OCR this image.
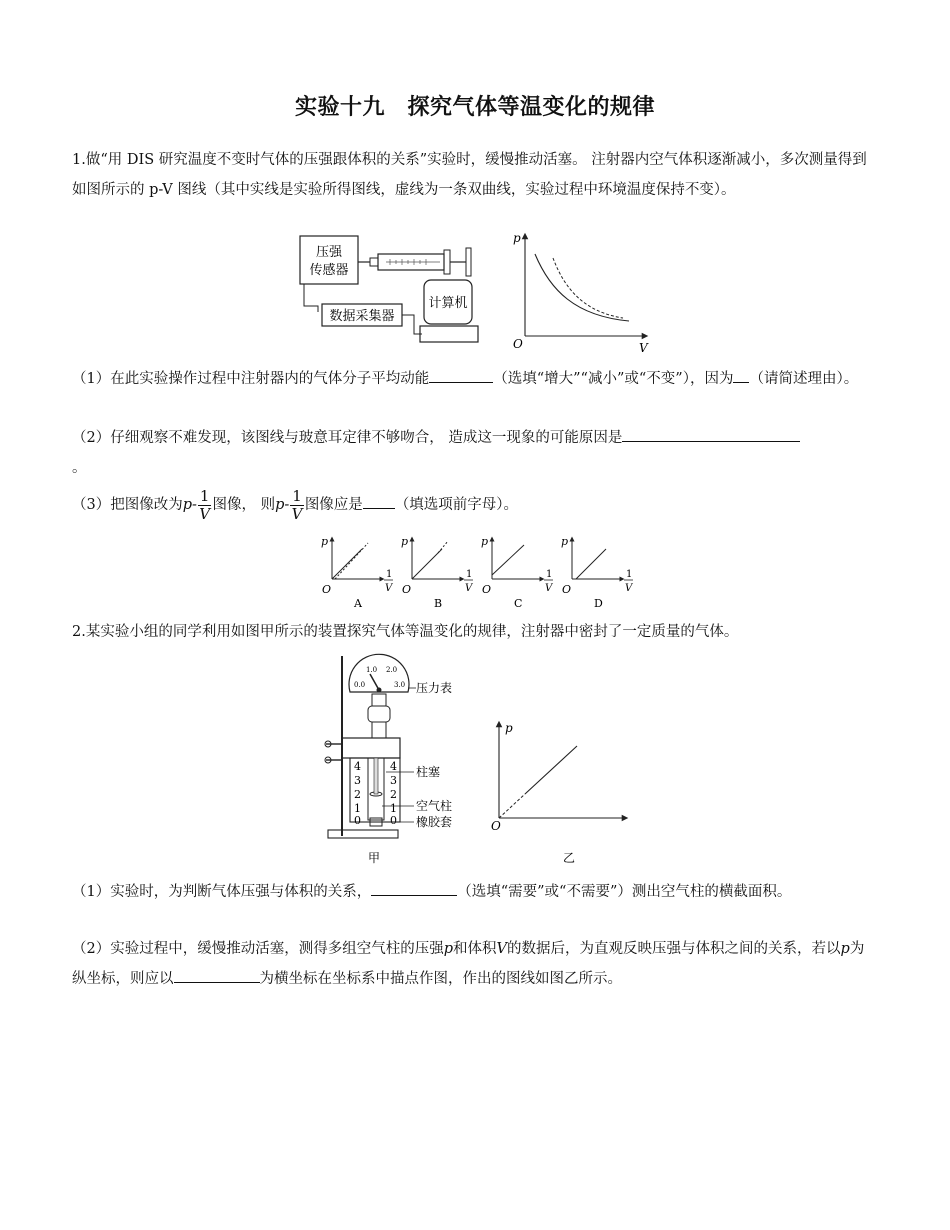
实验十九　探究气体等温变化的规律
1.做“用 DIS 研究温度不变时气体的压强跟体积的关系”实验时，缓慢推动活塞。 注射器内空气体积逐渐减小，多次测量得到如图所示的 p-V 图线（其中实线是实验所得图线，虚线为一条双曲线，实验过程中环境温度保持不变）。
压强
传感器
数据采集器
计算机
p
V
O
（1）在此实验操作过程中注射器内的气体分子平均动能	（选填“增大”“减小”或“不变”），因为 （请简述理由）。
（2）仔细观察不难发现，该图线与玻意耳定律不够吻合， 造成这一现象的可能原因是
。
（3）把图像改为$p- \frac{1}{V}$ 图像， 则$p- \frac{1}{V}$ 图像应是 （填选项前字母）。
p
O
1
V
A
p
O
1
V
B
p
O
1
V
C
p
O
1
V
D
2.某实验小组的同学利用如图甲所示的装置探究气体等温变化的规律，注射器中密封了一定质量的气体。
0.0
1.0 2.0
3.0
4
3
2
1
0
4
3
2
1
0
压力表
柱塞
空气柱
橡胶套
甲
p
O
乙
（1）实验时，为判断气体压强与体积的关系，	（选填“需要”或“不需要”）测出空气柱的横截面积。
（2）实验过程中，缓慢推动活塞，测得多组空气柱的压强p和体积V的数据后，为直观反映压强与体积之间的关系，若以p为纵坐标，则应以	为横坐标在坐标系中描点作图，作出的图线如图乙所示。
